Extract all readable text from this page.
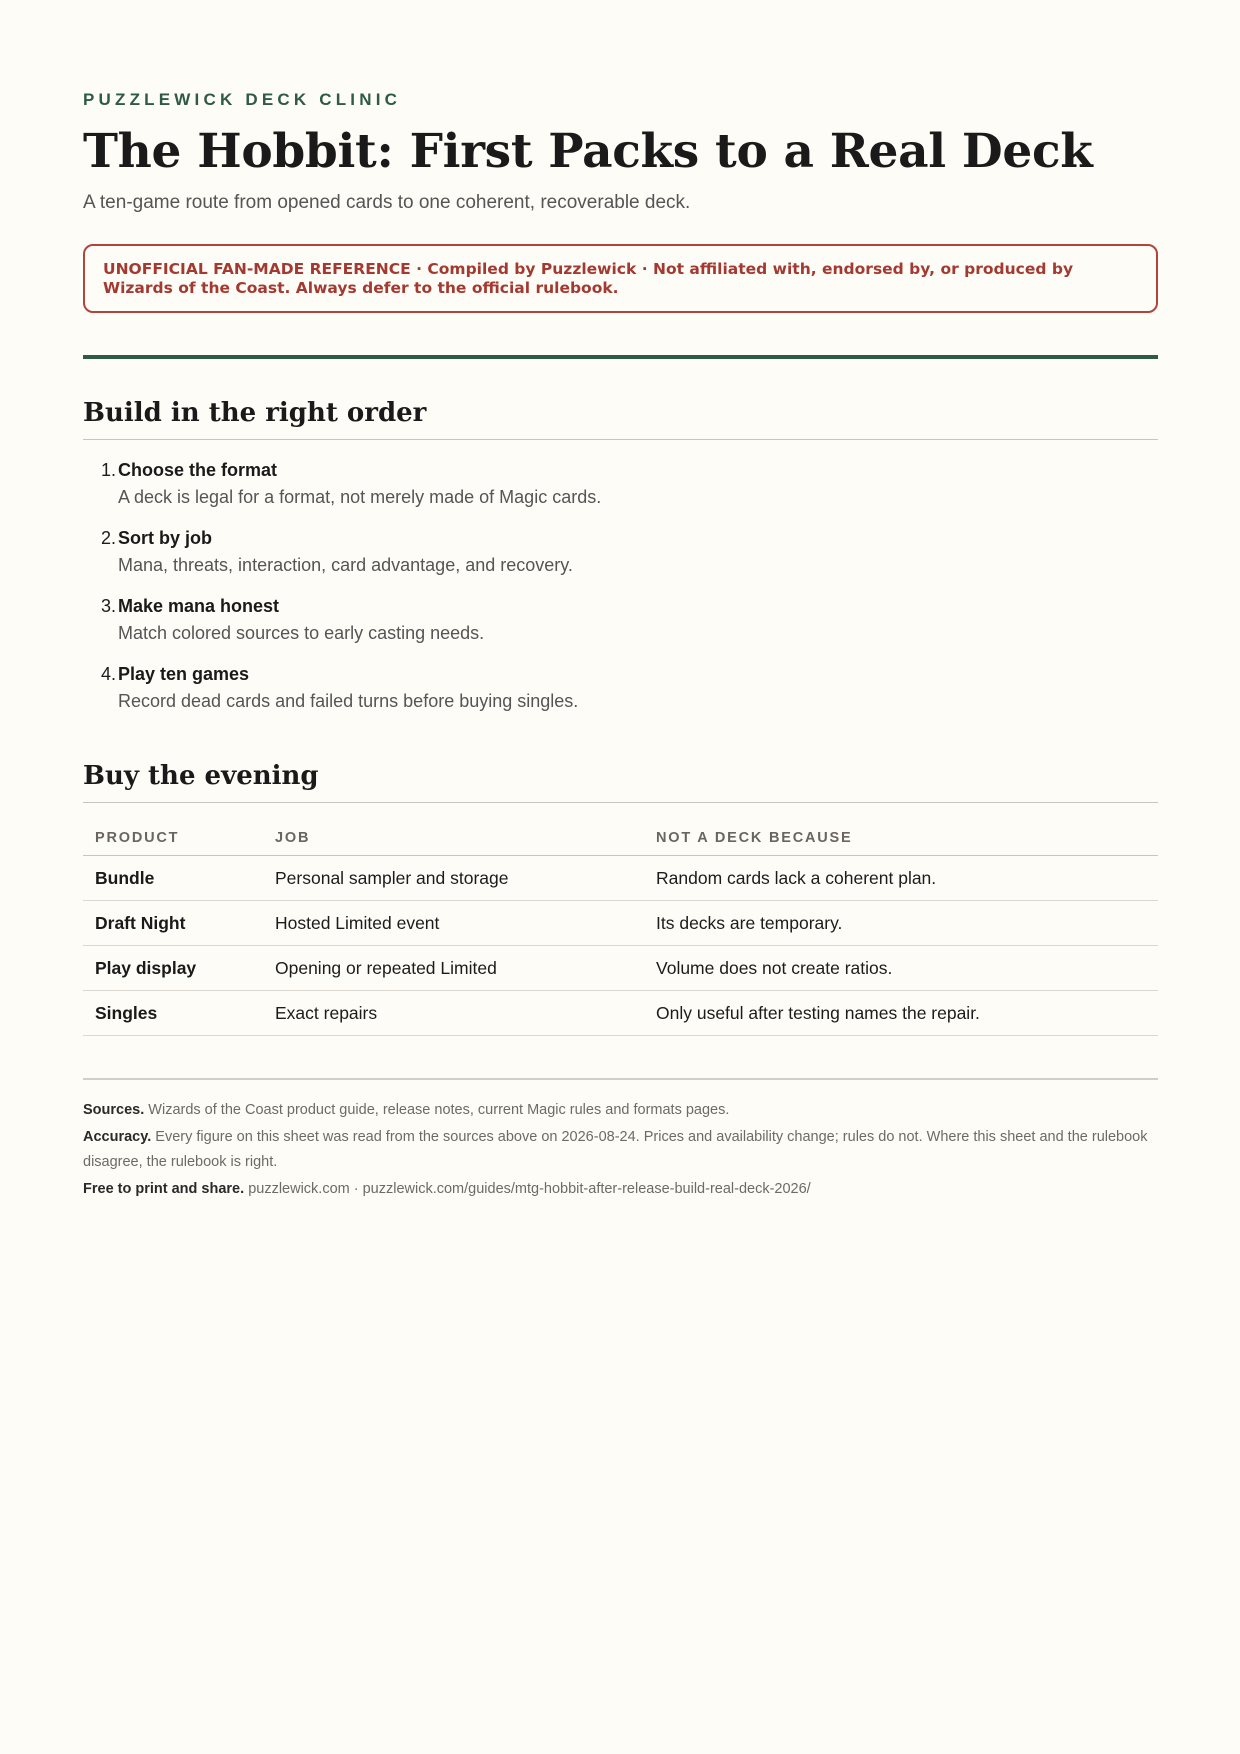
PUZZLEWICK DECK CLINIC
The Hobbit: First Packs to a Real Deck
A ten-game route from opened cards to one coherent, recoverable deck.
UNOFFICIAL FAN-MADE REFERENCE · Compiled by Puzzlewick · Not affiliated with, endorsed by, or produced by Wizards of the Coast. Always defer to the official rulebook.
Build in the right order
1. Choose the format
A deck is legal for a format, not merely made of Magic cards.
2. Sort by job
Mana, threats, interaction, card advantage, and recovery.
3. Make mana honest
Match colored sources to early casting needs.
4. Play ten games
Record dead cards and failed turns before buying singles.
Buy the evening
PRODUCT	JOB	NOT A DECK BECAUSE
Bundle	Personal sampler and storage	Random cards lack a coherent plan.
Draft Night	Hosted Limited event	Its decks are temporary.
Play display	Opening or repeated Limited	Volume does not create ratios.
Singles	Exact repairs	Only useful after testing names the repair.

Sources. Wizards of the Coast product guide, release notes, current Magic rules and formats pages.

Accuracy. Every figure on this sheet was read from the sources above on 2026-08-24. Prices and availability change; rules do not. Where this sheet and the rulebook disagree, the rulebook is right.

Free to print and share. puzzlewick.com · puzzlewick.com/guides/mtg-hobbit-after-release-build-real-deck-2026/
